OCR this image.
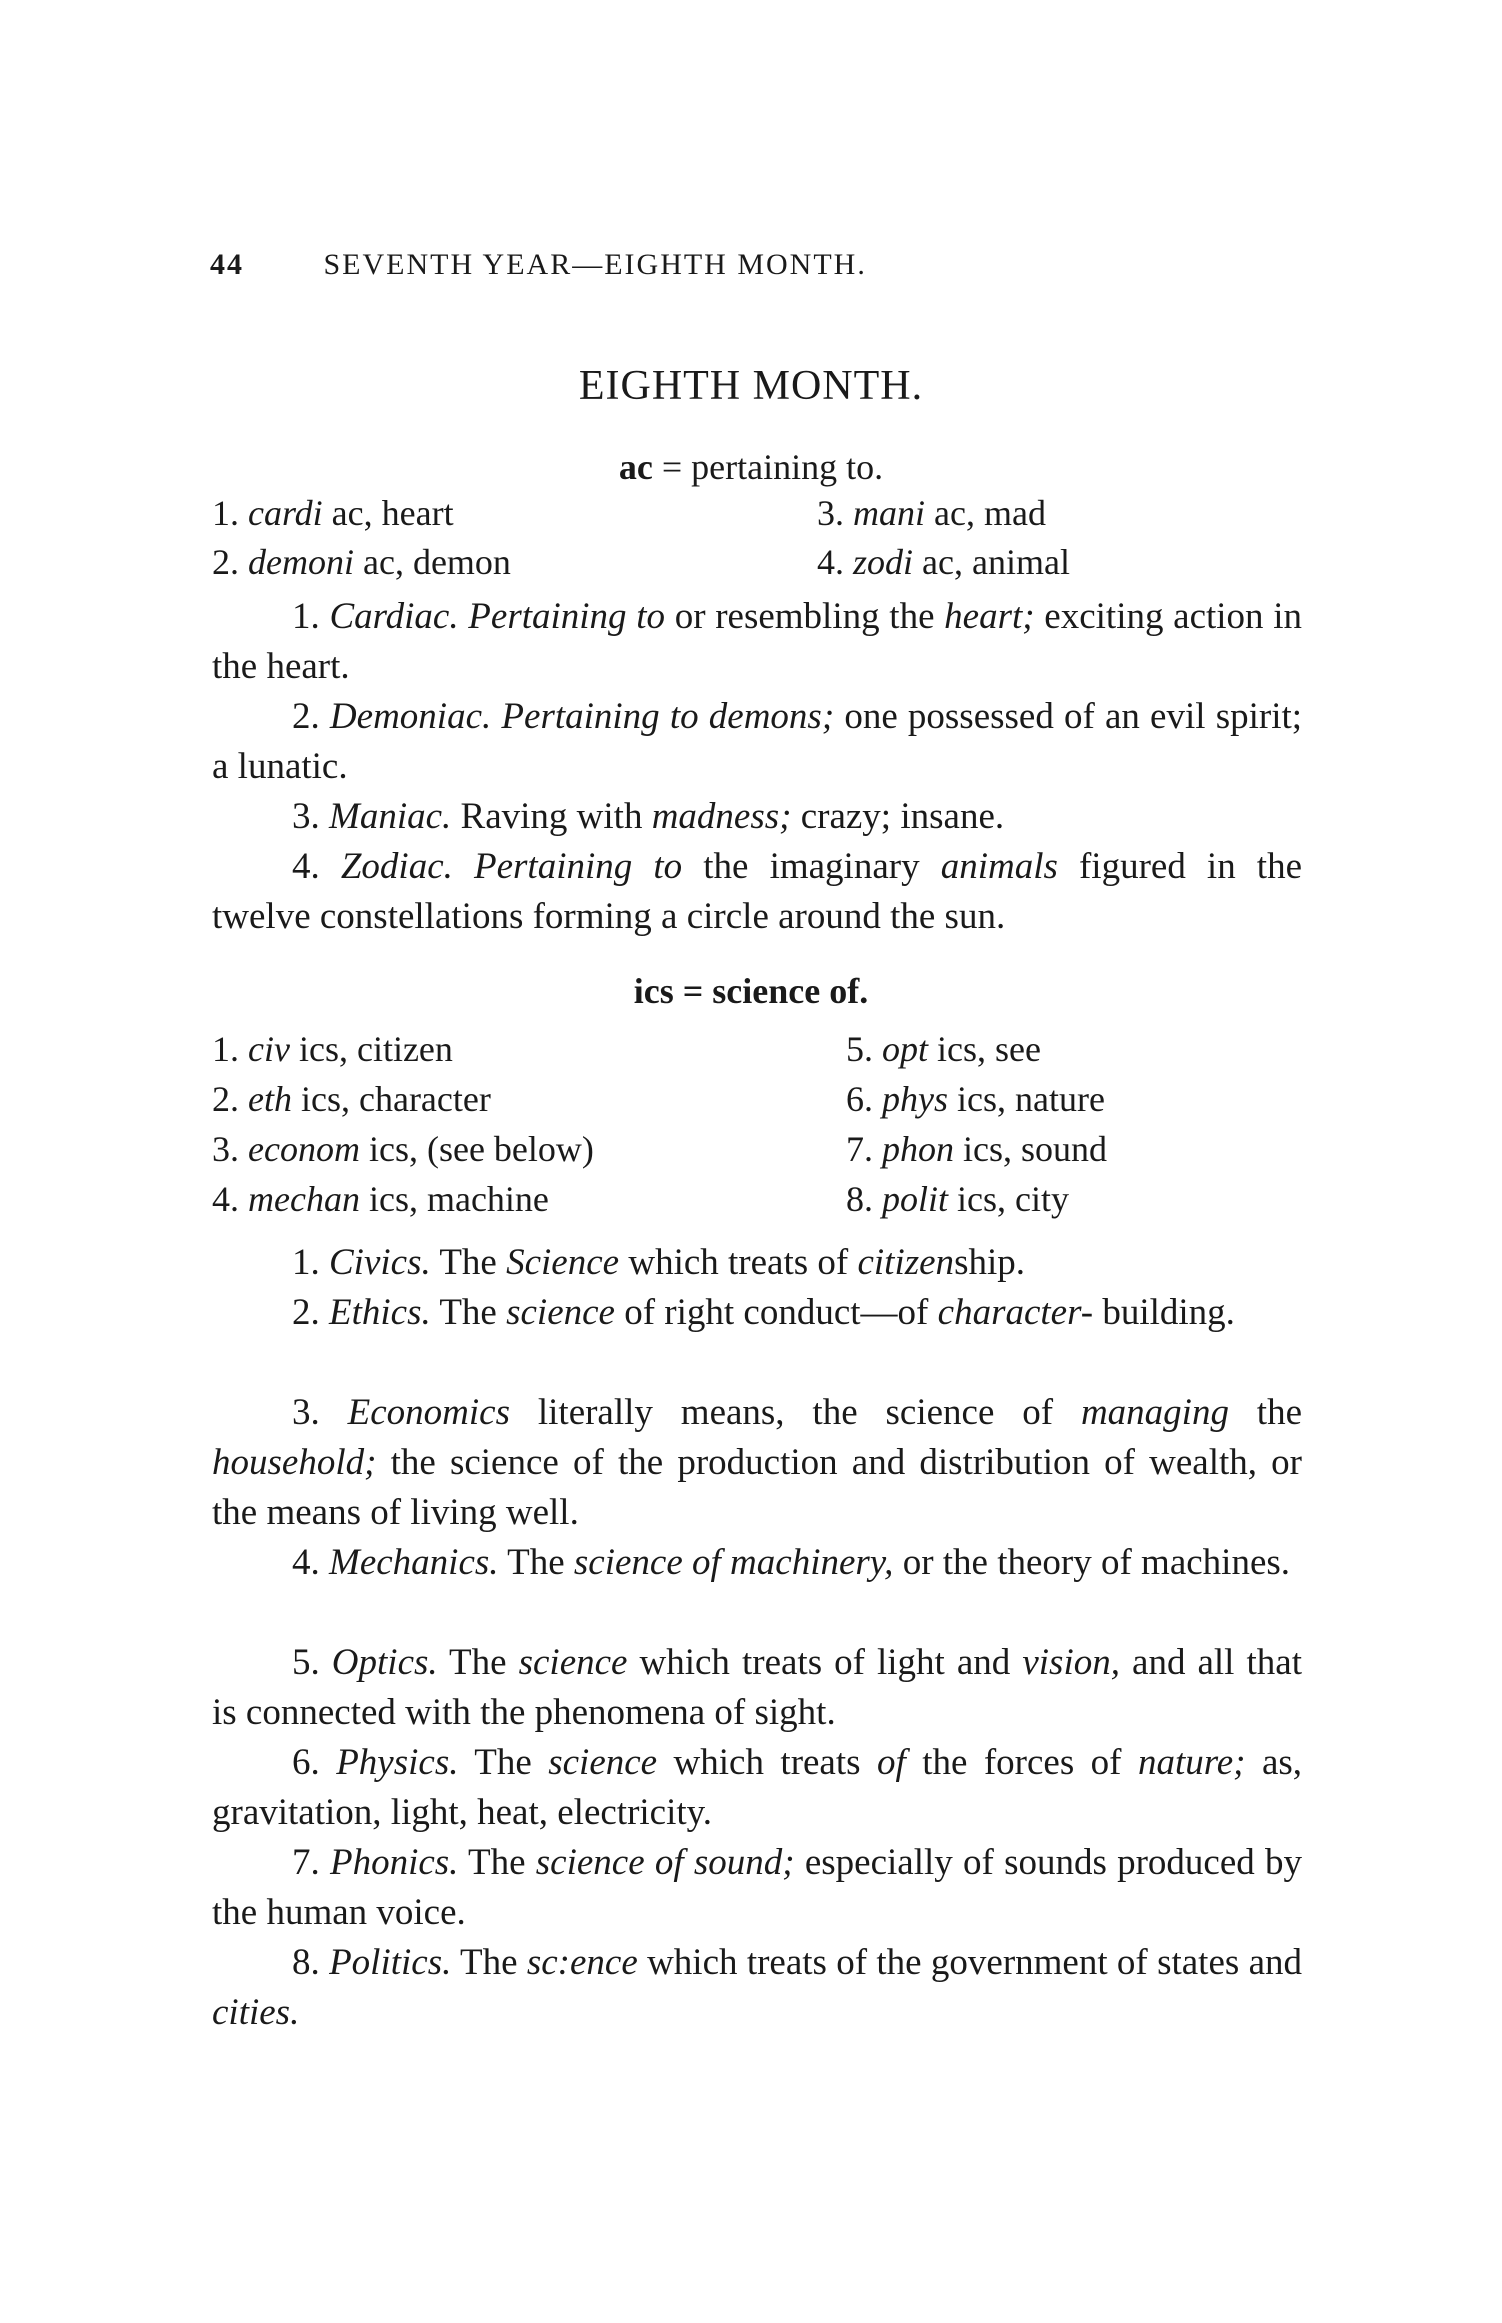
44	SEVENTH YEAR—EIGHTH MONTH.
EIGHTH MONTH.
ac = pertaining to.
1. cardi ac, heart
2. demoni ac, demon
3. mani ac, mad
4. zodi ac, animal
1. Cardiac. Pertaining to or resembling the heart; exciting action in the heart.
2. Demoniac. Pertaining to demons; one possessed of an evil spirit; a lunatic.
3. Maniac. Raving with madness; crazy; insane.
4. Zodiac. Pertaining to the imaginary animals figured in the twelve constellations forming a circle around the sun.
ics = science of.
1. civ ics, citizen
2. eth ics, character
3. econom ics, (see below)
4. mechan ics, machine
5. opt ics, see
6. phys ics, nature
7. phon ics, sound
8. polit ics, city
1. Civics. The Science which treats of citizenship.
2. Ethics. The science of right conduct—of character- building.
3. Economics literally means, the science of managing the household; the science of the production and distribution of wealth, or the means of living well.
4. Mechanics. The science of machinery, or the theory of machines.
5. Optics. The science which treats of light and vision, and all that is connected with the phenomena of sight.
6. Physics. The science which treats of the forces of nature; as, gravitation, light, heat, electricity.
7. Phonics. The science of sound; especially of sounds produced by the human voice.
8. Politics. The sc:ence which treats of the government of states and cities.
